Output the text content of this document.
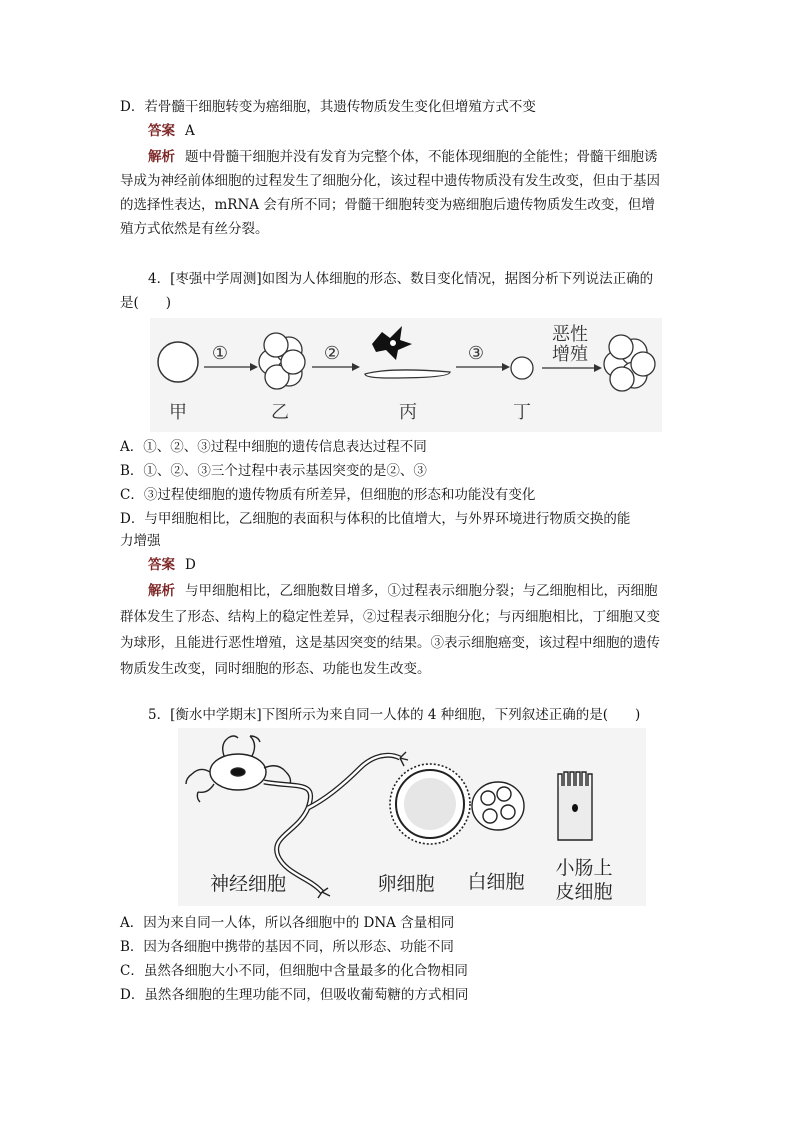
D．若骨髓干细胞转变为癌细胞，其遗传物质发生变化但增殖方式不变
答案 A
解析 题中骨髓干细胞并没有发育为完整个体，不能体现细胞的全能性；骨髓干细胞诱
导成为神经前体细胞的过程发生了细胞分化，该过程中遗传物质没有发生改变，但由于基因
的选择性表达，mRNA 会有所不同；骨髓干细胞转变为癌细胞后遗传物质发生改变，但增
殖方式依然是有丝分裂。
4．[枣强中学周测]如图为人体细胞的形态、数目变化情况，据图分析下列说法正确的
是(　　)
①	②	③
恶性
增殖
甲	乙	丙	丁
A．①、②、③过程中细胞的遗传信息表达过程不同
B．①、②、③三个过程中表示基因突变的是②、③
C．③过程使细胞的遗传物质有所差异，但细胞的形态和功能没有变化
D．与甲细胞相比，乙细胞的表面积与体积的比值增大，与外界环境进行物质交换的能
力增强
答案 D
解析 与甲细胞相比，乙细胞数目增多，①过程表示细胞分裂；与乙细胞相比，丙细胞
群体发生了形态、结构上的稳定性差异，②过程表示细胞分化；与丙细胞相比，丁细胞又变
为球形，且能进行恶性增殖，这是基因突变的结果。③表示细胞癌变，该过程中细胞的遗传
物质发生改变，同时细胞的形态、功能也发生改变。
5．[衡水中学期末]下图所示为来自同一人体的 4 种细胞，下列叙述正确的是(　　)
神经细胞	卵细胞 白细胞
小肠上
皮细胞
A．因为来自同一人体，所以各细胞中的 DNA 含量相同
B．因为各细胞中携带的基因不同，所以形态、功能不同
C．虽然各细胞大小不同，但细胞中含量最多的化合物相同
D．虽然各细胞的生理功能不同，但吸收葡萄糖的方式相同
